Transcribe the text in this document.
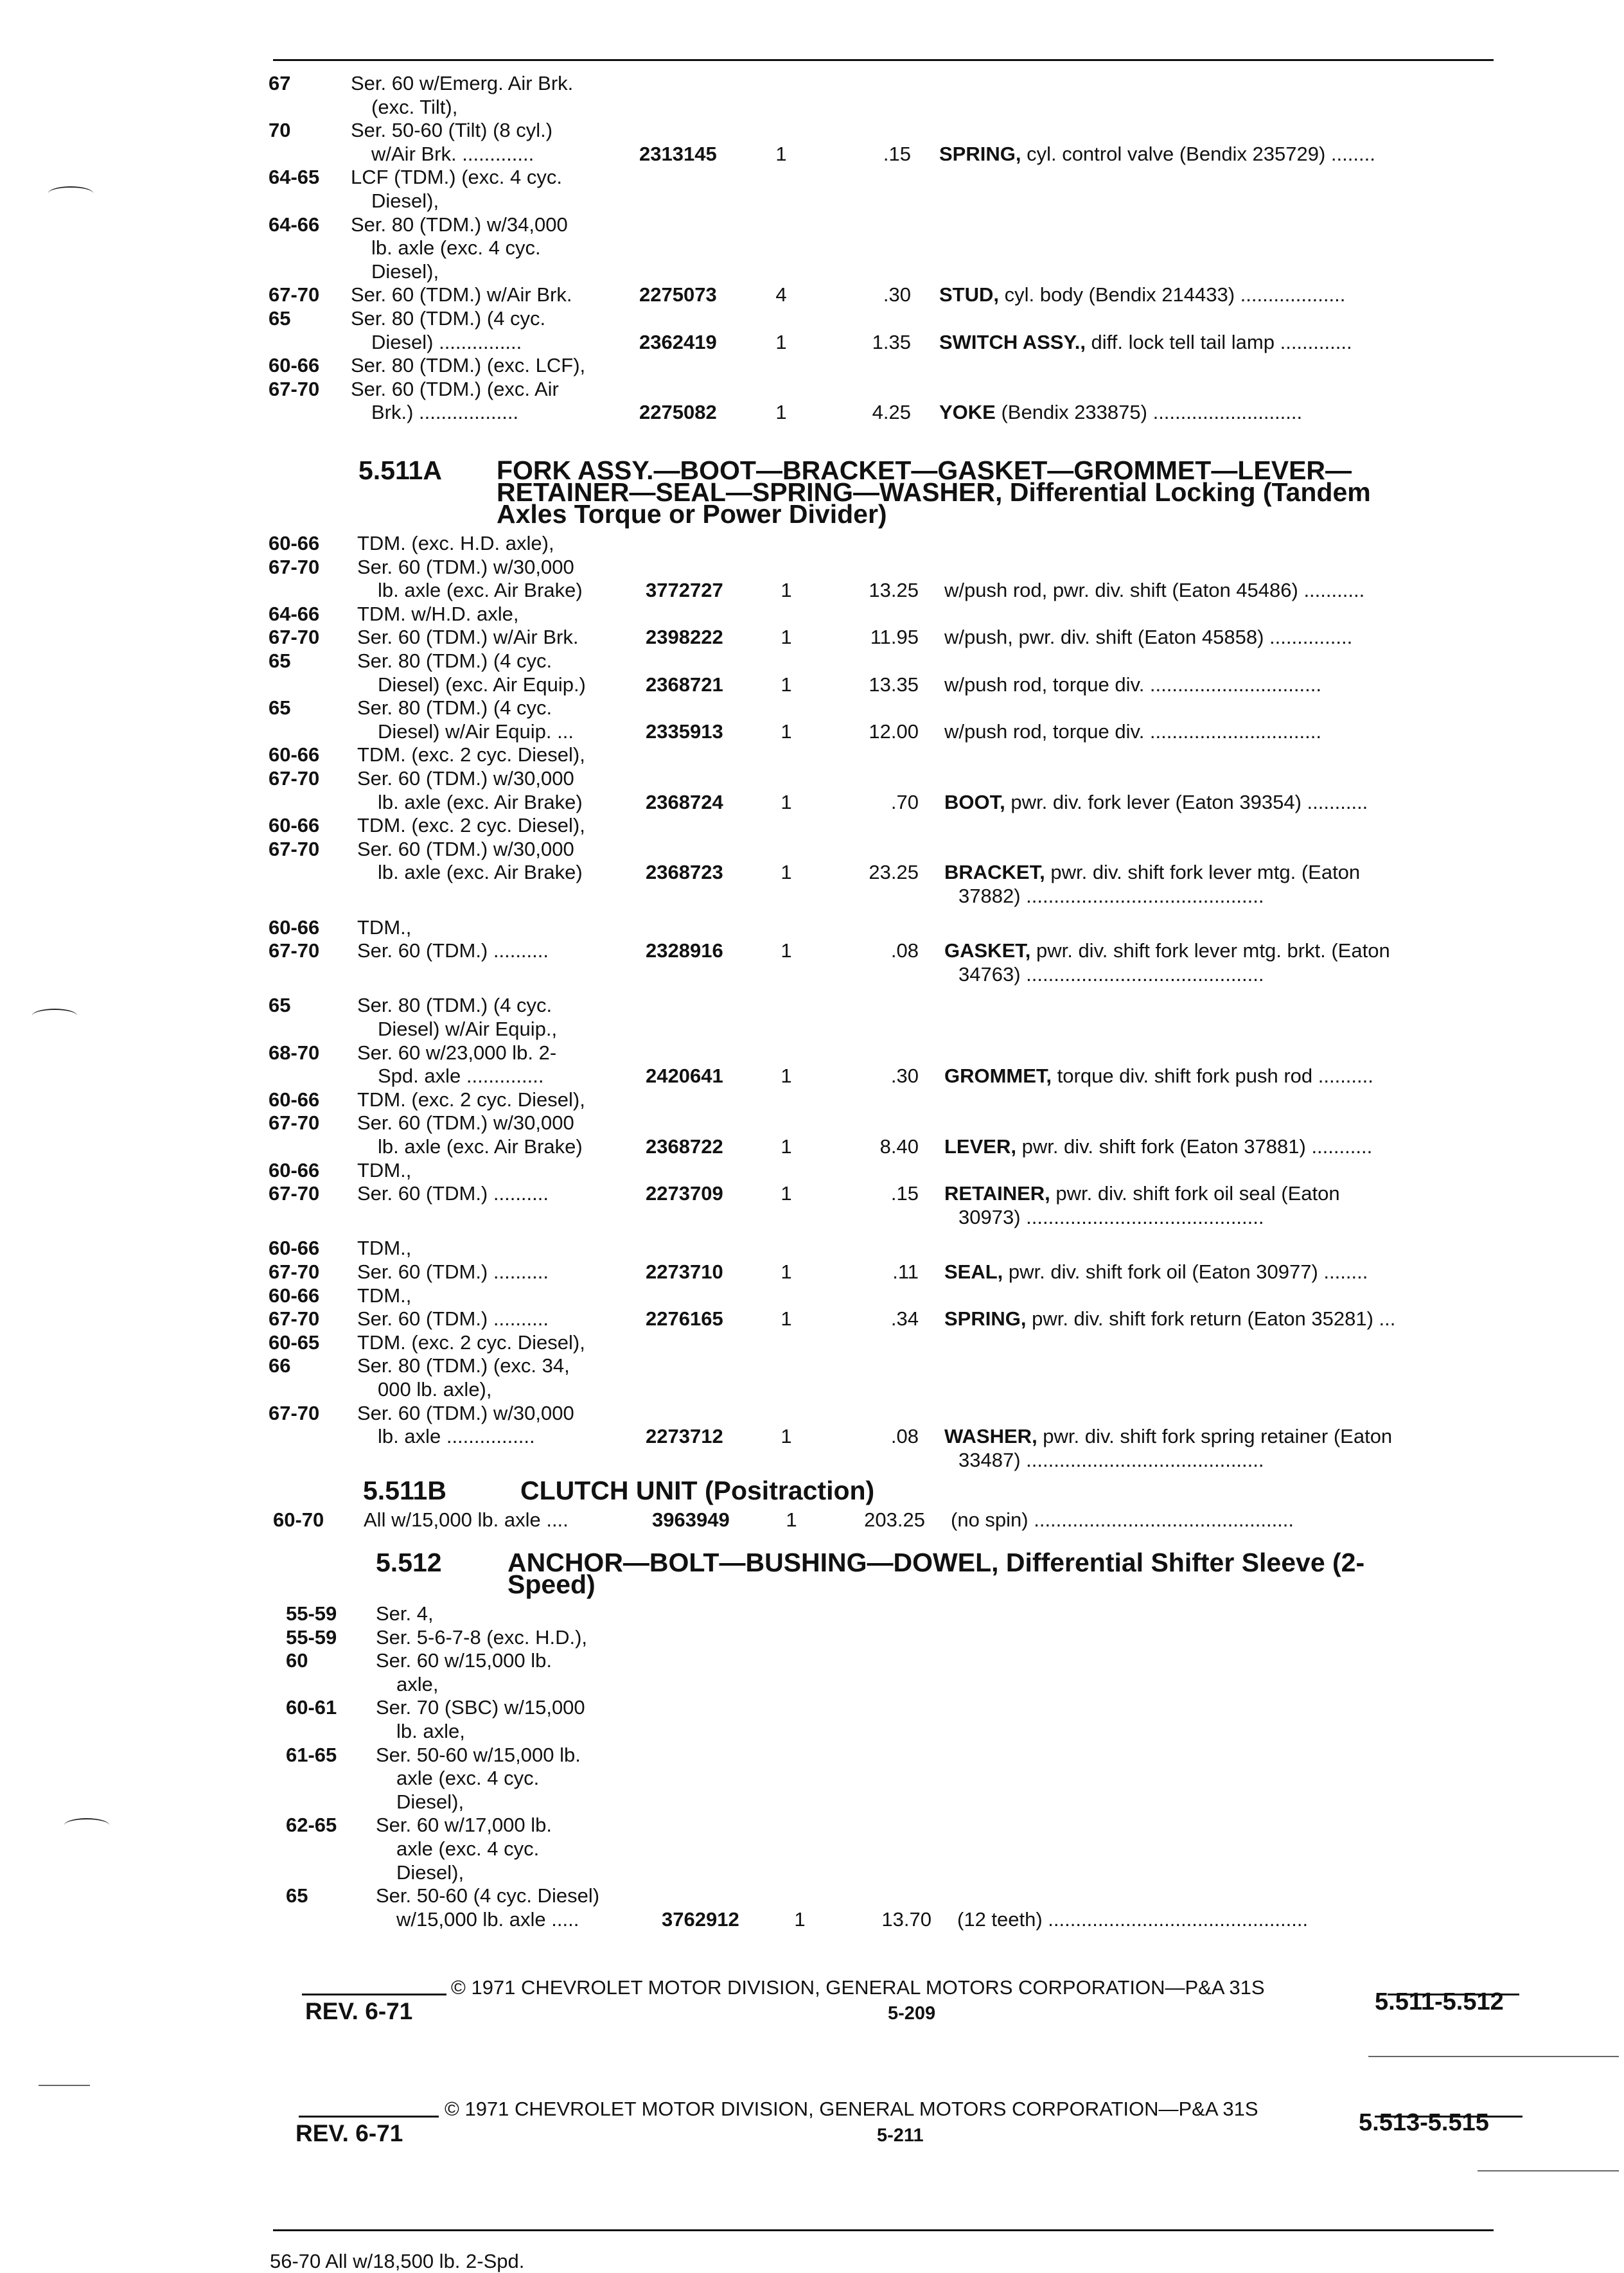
67	Ser. 60 w/Emerg. Air Brk.
(exc. Tilt),
70	Ser. 50-60 (Tilt) (8 cyl.)
w/Air Brk. .............	2313145	1	.15 SPRING, cyl. control valve (Bendix 235729) ........
64-65 LCF (TDM.) (exc. 4 cyc.
Diesel),
64-66 Ser. 80 (TDM.) w/34,000
lb. axle (exc. 4 cyc.
Diesel),
67-70 Ser. 60 (TDM.) w/Air Brk.	2275073	4	.30 STUD, cyl. body (Bendix 214433) ...................
65	Ser. 80 (TDM.) (4 cyc.
Diesel) ...............	2362419	1	1.35 SWITCH ASSY., diff. lock tell tail lamp .............
60-66 Ser. 80 (TDM.) (exc. LCF),
67-70 Ser. 60 (TDM.) (exc. Air
Brk.) ..................	2275082	1	4.25 YOKE (Bendix 233875) ...........................
5.511A FORK ASSY.—BOOT—BRACKET—GASKET—GROMMET—LEVER—
RETAINER—SEAL—SPRING—WASHER, Differential Locking (Tandem
Axles Torque or Power Divider)
60-66 TDM. (exc. H.D. axle),
67-70 Ser. 60 (TDM.) w/30,000
lb. axle (exc. Air Brake)	3772727	1	13.25 w/push rod, pwr. div. shift (Eaton 45486) ...........
64-66 TDM. w/H.D. axle,
67-70 Ser. 60 (TDM.) w/Air Brk.	2398222	1	11.95 w/push, pwr. div. shift (Eaton 45858) ...............
65	Ser. 80 (TDM.) (4 cyc.
Diesel) (exc. Air Equip.)	2368721	1	13.35 w/push rod, torque div. ...............................
65	Ser. 80 (TDM.) (4 cyc.
Diesel) w/Air Equip. ...	2335913	1	12.00 w/push rod, torque div. ...............................
60-66 TDM. (exc. 2 cyc. Diesel),
67-70 Ser. 60 (TDM.) w/30,000
lb. axle (exc. Air Brake)	2368724	1	.70 BOOT, pwr. div. fork lever (Eaton 39354) ...........
60-66 TDM. (exc. 2 cyc. Diesel),
67-70 Ser. 60 (TDM.) w/30,000
lb. axle (exc. Air Brake)	2368723	1	23.25 BRACKET, pwr. div. shift fork lever mtg. (Eaton
37882) ...........................................
60-66 TDM.,
67-70 Ser. 60 (TDM.) ..........	2328916	1	.08 GASKET, pwr. div. shift fork lever mtg. brkt. (Eaton
34763) ...........................................
65	Ser. 80 (TDM.) (4 cyc.
Diesel) w/Air Equip.,
68-70 Ser. 60 w/23,000 lb. 2-
Spd. axle ..............	2420641	1	.30 GROMMET, torque div. shift fork push rod ..........
60-66 TDM. (exc. 2 cyc. Diesel),
67-70 Ser. 60 (TDM.) w/30,000
lb. axle (exc. Air Brake)	2368722	1	8.40 LEVER, pwr. div. shift fork (Eaton 37881) ...........
60-66 TDM.,
67-70 Ser. 60 (TDM.) ..........	2273709	1	.15 RETAINER, pwr. div. shift fork oil seal (Eaton
30973) ...........................................
60-66 TDM.,
67-70 Ser. 60 (TDM.) ..........	2273710	1	.11 SEAL, pwr. div. shift fork oil (Eaton 30977) ........
60-66 TDM.,
67-70 Ser. 60 (TDM.) ..........	2276165	1	.34 SPRING, pwr. div. shift fork return (Eaton 35281) ...
60-65 TDM. (exc. 2 cyc. Diesel),
66	Ser. 80 (TDM.) (exc. 34,
000 lb. axle),
67-70 Ser. 60 (TDM.) w/30,000
lb. axle ................	2273712	1	.08 WASHER, pwr. div. shift fork spring retainer (Eaton
33487) ...........................................
5.511B	CLUTCH UNIT (Positraction)
60-70 All w/15,000 lb. axle ....	3963949	1	203.25 (no spin) ...............................................
5.512 ANCHOR—BOLT—BUSHING—DOWEL, Differential Shifter Sleeve (2-
Speed)
55-59 Ser. 4,
55-59 Ser. 5-6-7-8 (exc. H.D.),
60	Ser. 60 w/15,000 lb.
axle,
60-61 Ser. 70 (SBC) w/15,000
lb. axle,
61-65 Ser. 50-60 w/15,000 lb.
axle (exc. 4 cyc.
Diesel),
62-65 Ser. 60 w/17,000 lb.
axle (exc. 4 cyc.
Diesel),
65	Ser. 50-60 (4 cyc. Diesel)
w/15,000 lb. axle .....	3762912	1	13.70 (12 teeth) ...............................................
© 1971 CHEVROLET MOTOR DIVISION, GENERAL MOTORS CORPORATION—P&A 31S
REV. 6-71	5-209	5.511-5.512
© 1971 CHEVROLET MOTOR DIVISION, GENERAL MOTORS CORPORATION—P&A 31S
REV. 6-71	5-211	5.513-5.515
56-70 All w/18,500 lb. 2-Spd.
